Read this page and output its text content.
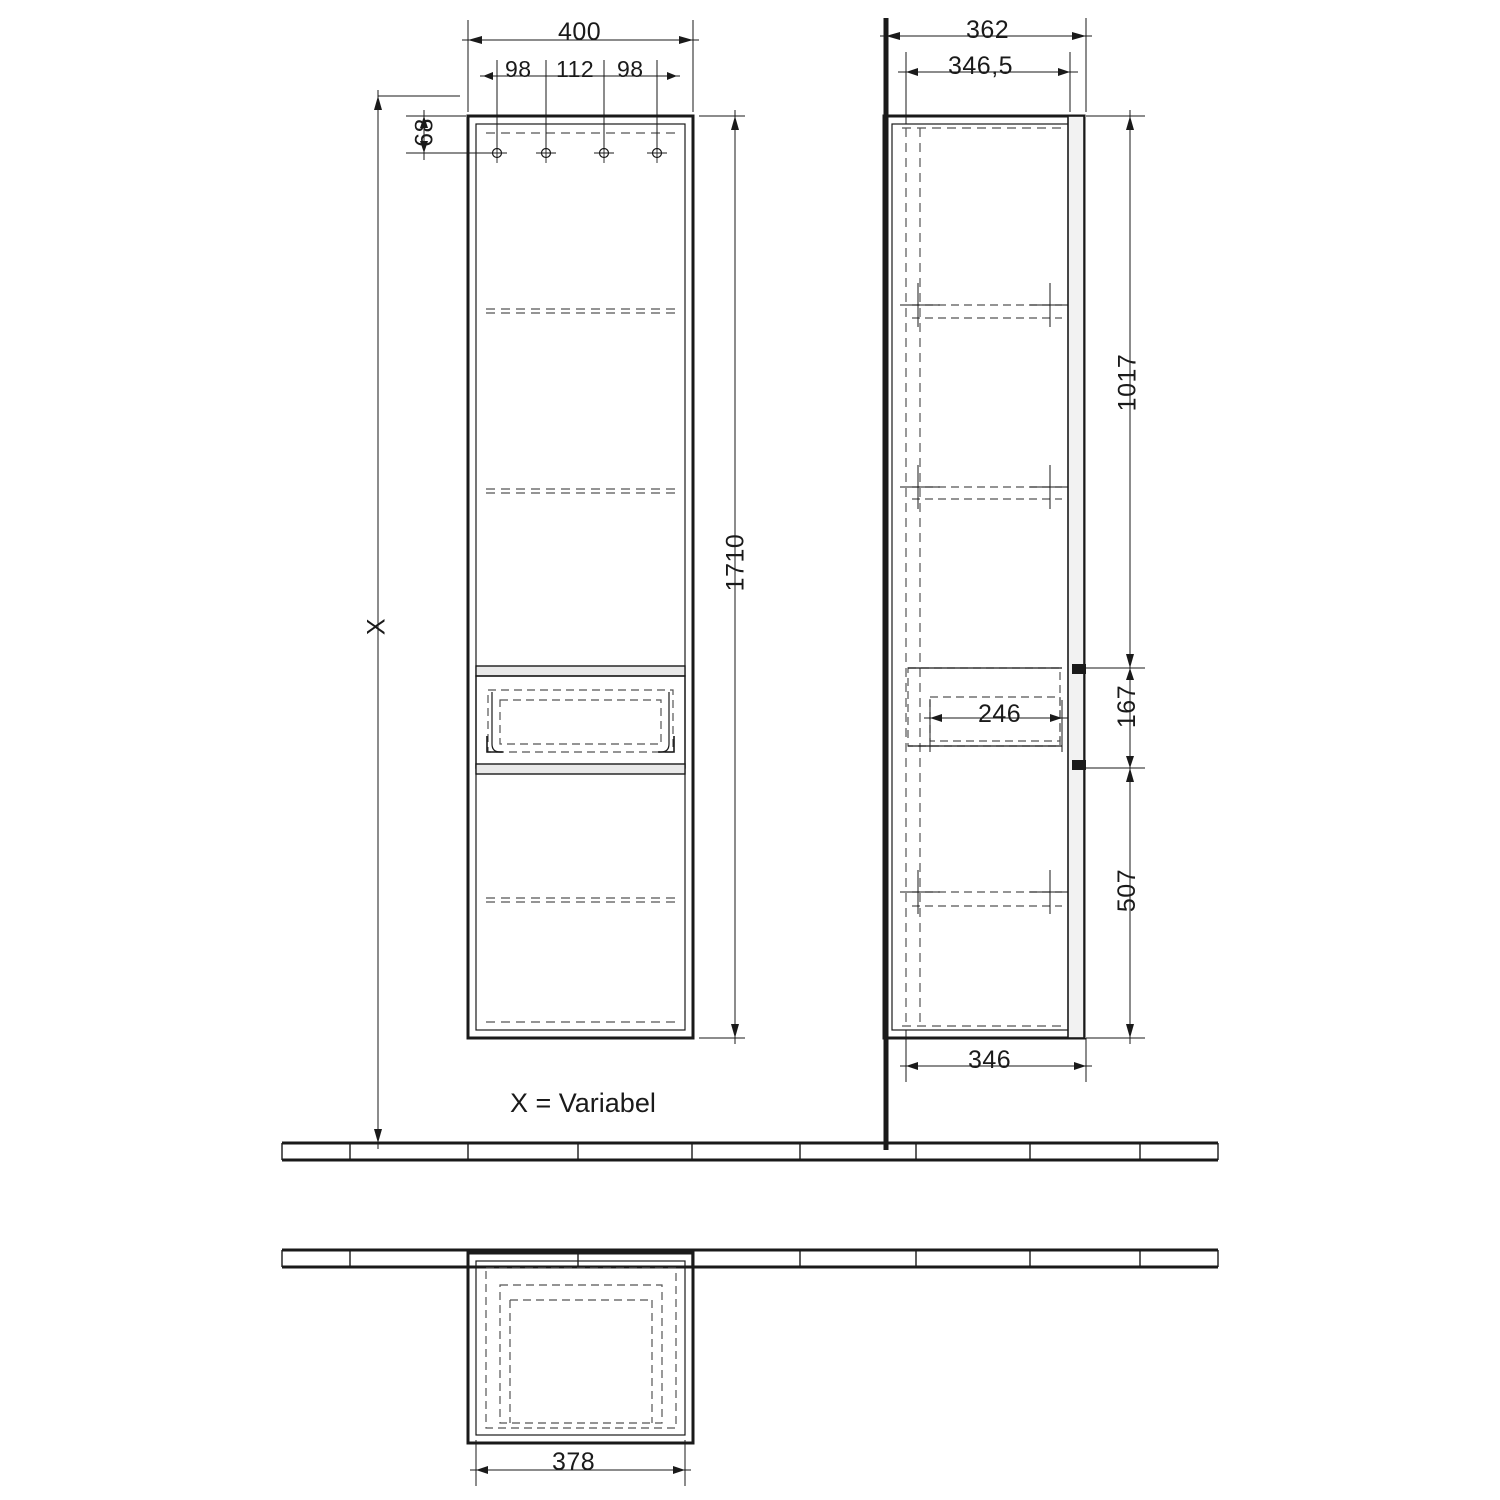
400
98 112 98
68
1710
X
362
346,5
346
1017
167
507
246
378
X = Variabel
